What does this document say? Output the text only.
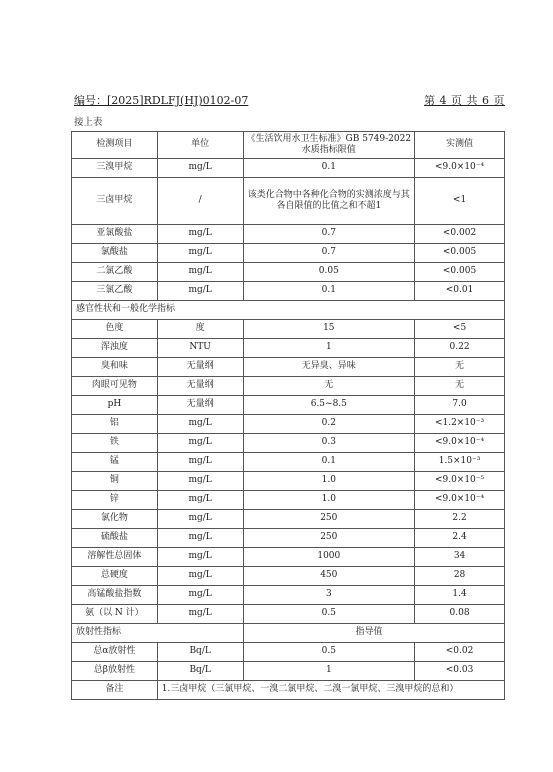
编号：[2025]RDLFJ(HJ)0102-07	第 4 页 共 6 页
接上表
检测项目	单位	《生活饮用水卫生标准》GB 5749-2022 水质指标限值	实测值
三溴甲烷	mg/L	0.1	<9.0×10⁻⁴
三卤甲烷	/	该类化合物中各种化合物的实测浓度与其各自限值的比值之和不超1	<1
亚氯酸盐	mg/L	0.7	<0.002
氯酸盐	mg/L	0.7	<0.005
二氯乙酸	mg/L	0.05	<0.005
三氯乙酸	mg/L	0.1	<0.01
感官性状和一般化学指标			
色度	度	15	<5
浑浊度	NTU	1	0.22
臭和味	无量纲	无异臭、异味	无
肉眼可见物	无量纲	无	无
pH	无量纲	6.5~8.5	7.0
铝	mg/L	0.2	<1.2×10⁻³
铁	mg/L	0.3	<9.0×10⁻⁴
锰	mg/L	0.1	1.5×10⁻³
铜	mg/L	1.0	<9.0×10⁻⁵
锌	mg/L	1.0	<9.0×10⁻⁴
氯化物	mg/L	250	2.2
硫酸盐	mg/L	250	2.4
溶解性总固体	mg/L	1000	34
总硬度	mg/L	450	28
高锰酸盐指数	mg/L	3	1.4
氨（以 N 计）	mg/L	0.5	0.08
放射性指标		指导值	
总α放射性	Bq/L	0.5	<0.02
总β放射性	Bq/L	1	<0.03
备注	1.三卤甲烷（三氯甲烷、一溴二氯甲烷、二溴一氯甲烷、三溴甲烷的总和）		
